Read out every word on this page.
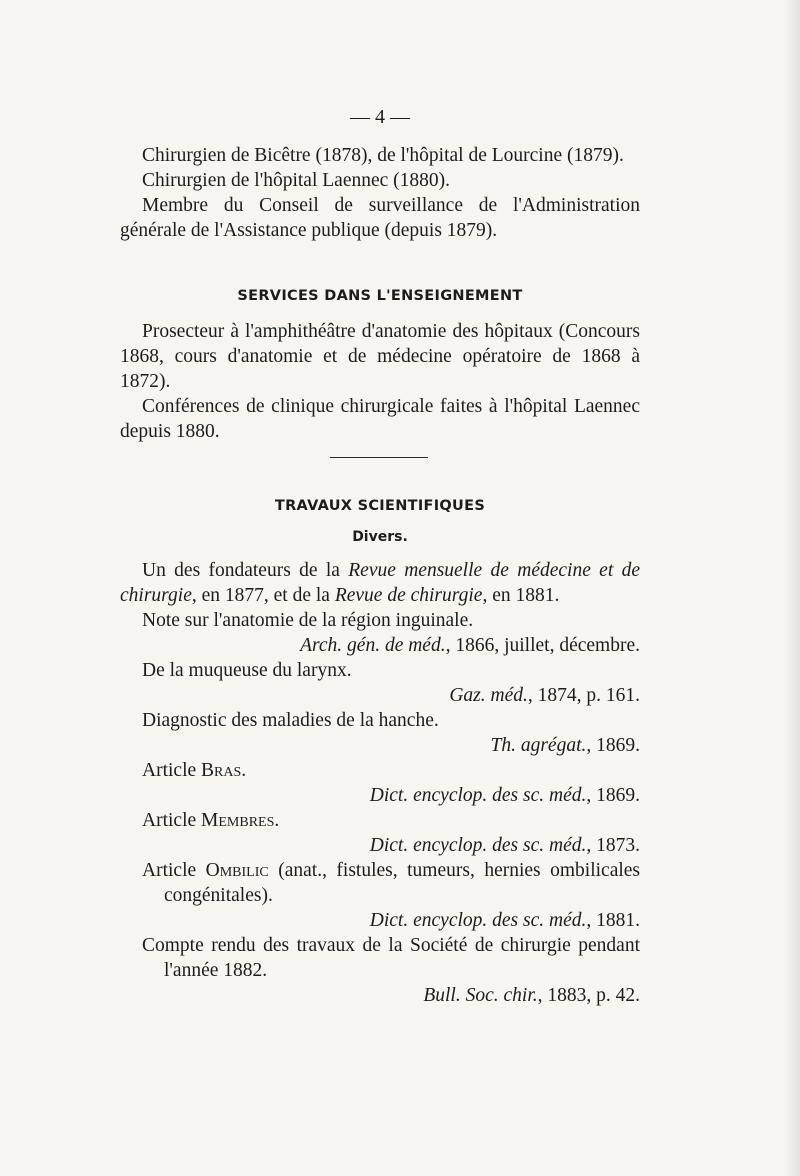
— 4 —

Chirurgien de Bicêtre (1878), de l'hôpital de Lourcine (1879).

Chirurgien de l'hôpital Laennec (1880).

Membre du Conseil de surveillance de l'Administration générale de l'Assistance publique (depuis 1879).

SERVICES DANS L'ENSEIGNEMENT

Prosecteur à l'amphithéâtre d'anatomie des hôpitaux (Concours 1868, cours d'anatomie et de médecine opératoire de 1868 à 1872).

Conférences de clinique chirurgicale faites à l'hôpital Laennec depuis 1880.

TRAVAUX SCIENTIFIQUES

Divers.

Un des fondateurs de la Revue mensuelle de médecine et de chirurgie, en 1877, et de la Revue de chirurgie, en 1881.

Note sur l'anatomie de la région inguinale.

Arch. gén. de méd., 1866, juillet, décembre.

De la muqueuse du larynx.

Gaz. méd., 1874, p. 161.

Diagnostic des maladies de la hanche.

Th. agrégat., 1869.

Article Bras.

Dict. encyclop. des sc. méd., 1869.

Article Membres.

Dict. encyclop. des sc. méd., 1873.

Article Ombilic (anat., fistules, tumeurs, hernies ombilicales congénitales).

Dict. encyclop. des sc. méd., 1881.

Compte rendu des travaux de la Société de chirurgie pendant l'année 1882.

Bull. Soc. chir., 1883, p. 42.
